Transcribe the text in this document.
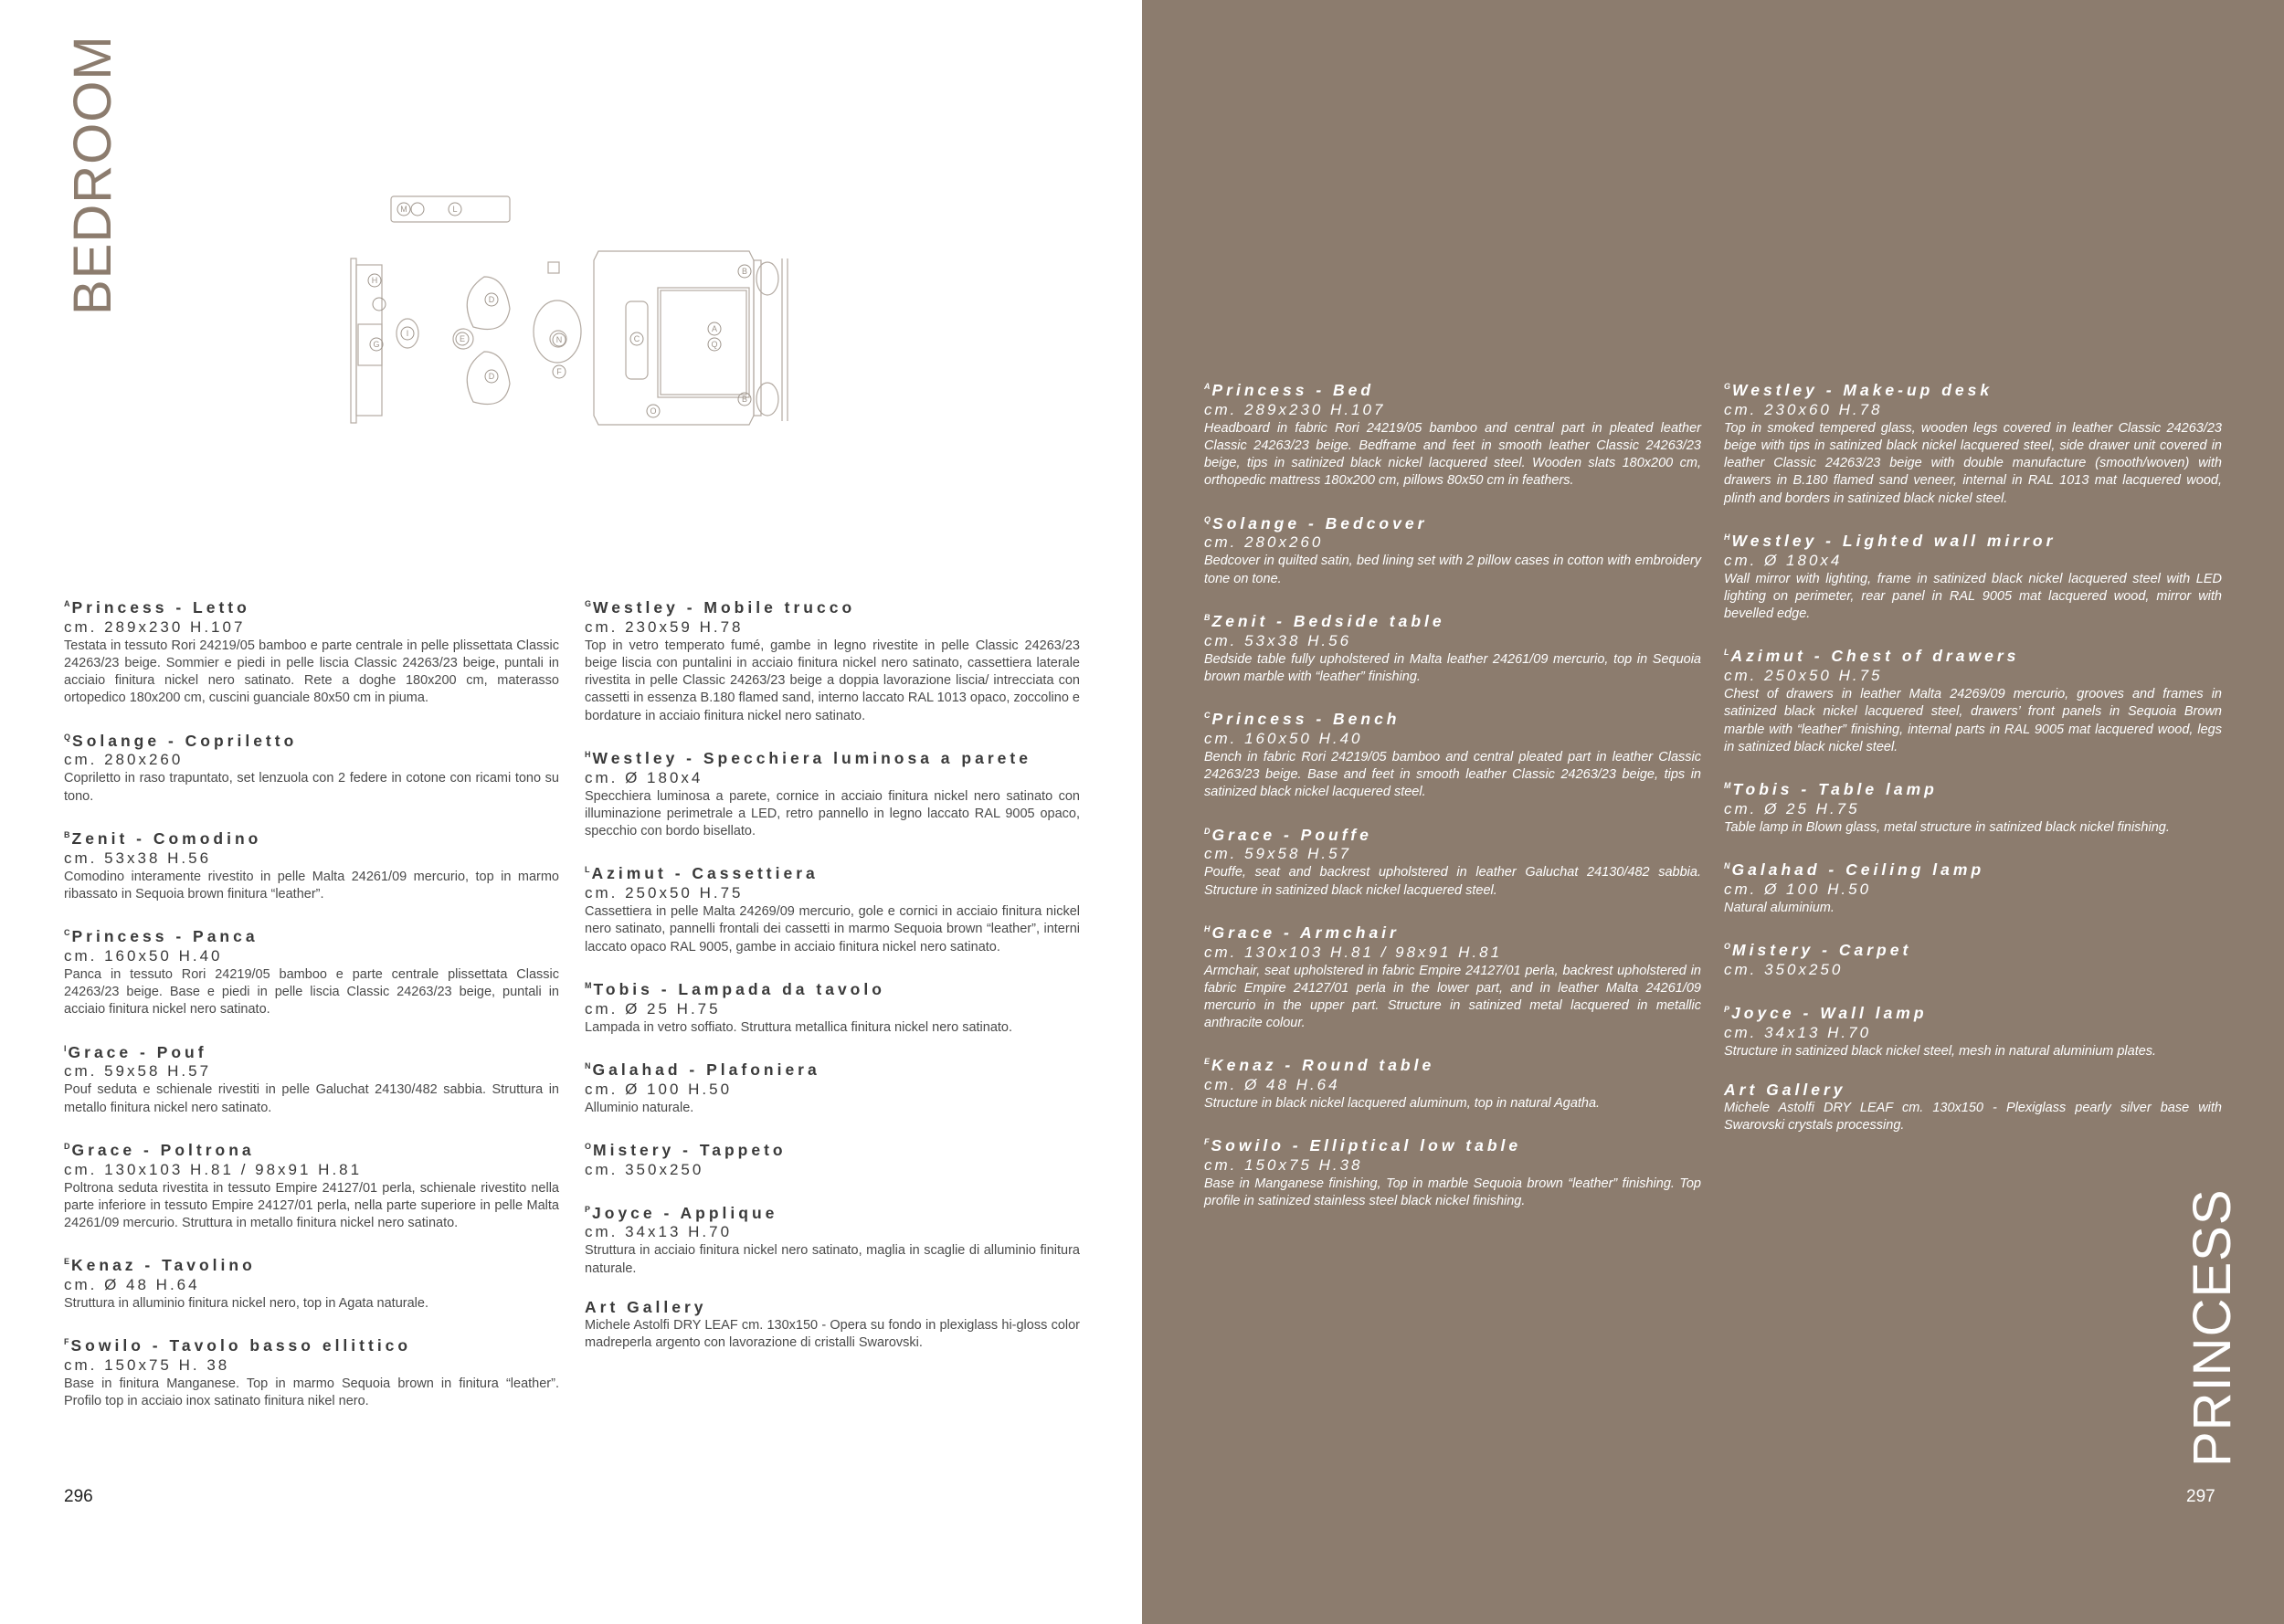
BEDROOM	M	L
H
I
G
E
D
D
N
F
C
A
Q
B
B
O

$^A$ Princess - Letto

cm. 289x230 H.107

Testata in tessuto Rori 24219/05 bamboo e parte centrale in pelle plissettata Classic 24263/23 beige. Sommier e piedi in pelle liscia Classic 24263/23 beige, puntali in acciaio finitura nickel nero satinato. Rete a doghe 180x200 cm, materasso ortopedico 180x200 cm, cuscini guanciale 80x50 cm in piuma.

$^Q$ Solange - Copriletto

cm. 280x260

Copriletto in raso trapuntato, set lenzuola con 2 federe in cotone con ricami tono su tono.

$^B$ Zenit - Comodino

cm. 53x38 H.56

Comodino interamente rivestito in pelle Malta 24261/09 mercurio, top in marmo ribassato in Sequoia brown finitura “leather”.

$^C$ Princess - Panca

cm. 160x50 H.40

Panca in tessuto Rori 24219/05 bamboo e parte centrale plissettata Classic 24263/23 beige. Base e piedi in pelle liscia Classic 24263/23 beige, puntali in acciaio finitura nickel nero satinato.

$^I$ Grace - Pouf

cm. 59x58 H.57

Pouf seduta e schienale rivestiti in pelle Galuchat 24130/482 sabbia. Struttura in metallo finitura nickel nero satinato.

$^D$ Grace - Poltrona

cm. 130x103 H.81 / 98x91 H.81

Poltrona seduta rivestita in tessuto Empire 24127/01 perla, schienale rivestito nella parte inferiore in tessuto Empire 24127/01 perla, nella parte superiore in pelle Malta 24261/09 mercurio. Struttura in metallo finitura nickel nero satinato.

$^E$ Kenaz - Tavolino

cm. Ø 48 H.64

Struttura in alluminio finitura nickel nero, top in Agata naturale.

$^F$ Sowilo - Tavolo basso ellittico

cm. 150x75 H. 38

Base in finitura Manganese. Top in marmo Sequoia brown in finitura “leather”. Profilo top in acciaio inox satinato finitura nikel nero.

$^G$ Westley - Mobile trucco

cm. 230x59 H.78

Top in vetro temperato fumé, gambe in legno rivestite in pelle Classic 24263/23 beige liscia con puntalini in acciaio finitura nickel nero satinato, cassettiera laterale rivestita in pelle Classic 24263/23 beige a doppia lavorazione liscia/ intrecciata con cassetti in essenza B.180 flamed sand, interno laccato RAL 1013 opaco, zoccolino e bordature in acciaio finitura nickel nero satinato.

$^H$ Westley - Specchiera luminosa a parete

cm. Ø 180x4

Specchiera luminosa a parete, cornice in acciaio finitura nickel nero satinato con illuminazione perimetrale a LED, retro pannello in legno laccato RAL 9005 opaco, specchio con bordo bisellato.

$^L$ Azimut - Cassettiera

cm. 250x50 H.75

Cassettiera in pelle Malta 24269/09 mercurio, gole e cornici in acciaio finitura nickel nero satinato, pannelli frontali dei cassetti in marmo Sequoia brown “leather”, interni laccato opaco RAL 9005, gambe in acciaio finitura nickel nero satinato.

$^M$ Tobis - Lampada da tavolo

cm. Ø 25 H.75

Lampada in vetro soffiato. Struttura metallica finitura nickel nero satinato.

$^N$ Galahad - Plafoniera

cm. Ø 100 H.50

Alluminio naturale.

$^O$ Mistery - Tappeto

cm. 350x250

$^P$ Joyce - Applique

cm. 34x13 H.70

Struttura in acciaio finitura nickel nero satinato, maglia in scaglie di alluminio finitura naturale.

Art Gallery

Michele Astolfi DRY LEAF cm. 130x150 - Opera su fondo in plexiglass hi-gloss color madreperla argento con lavorazione di cristalli Swarovski.

296

PRINCESS

$^A$ Princess - Bed

cm. 289x230 H.107

Headboard in fabric Rori 24219/05 bamboo and central part in pleated leather Classic 24263/23 beige. Bedframe and feet in smooth leather Classic 24263/23 beige, tips in satinized black nickel lacquered steel. Wooden slats 180x200 cm, orthopedic mattress 180x200 cm, pillows 80x50 cm in feathers.

$^Q$ Solange - Bedcover

cm. 280x260

Bedcover in quilted satin, bed lining set with 2 pillow cases in cotton with embroidery tone on tone.

$^B$ Zenit - Bedside table

cm. 53x38 H.56

Bedside table fully upholstered in Malta leather 24261/09 mercurio, top in Sequoia brown marble with “leather” finishing.

$^C$ Princess - Bench

cm. 160x50 H.40

Bench in fabric Rori 24219/05 bamboo and central pleated part in leather Classic 24263/23 beige. Base and feet in smooth leather Classic 24263/23 beige, tips in satinized black nickel lacquered steel.

$^D$ Grace - Pouffe

cm. 59x58 H.57

Pouffe, seat and backrest upholstered in leather Galuchat 24130/482 sabbia. Structure in satinized black nickel lacquered steel.

$^H$ Grace - Armchair

cm. 130x103 H.81 / 98x91 H.81

Armchair, seat upholstered in fabric Empire 24127/01 perla, backrest upholstered in fabric Empire 24127/01 perla in the lower part, and in leather Malta 24261/09 mercurio in the upper part. Structure in satinized metal lacquered in metallic anthracite colour.

$^E$ Kenaz - Round table

cm. Ø 48 H.64

Structure in black nickel lacquered aluminum, top in natural Agatha.

$^F$ Sowilo - Elliptical low table

cm. 150x75 H.38

Base in Manganese finishing, Top in marble Sequoia brown “leather” finishing. Top profile in satinized stainless steel black nickel finishing.

$^G$ Westley - Make-up desk

cm. 230x60 H.78

Top in smoked tempered glass, wooden legs covered in leather Classic 24263/23 beige with tips in satinized black nickel lacquered steel, side drawer unit covered in leather Classic 24263/23 beige with double manufacture (smooth/woven) with drawers in B.180 flamed sand veneer, internal in RAL 1013 mat lacquered wood, plinth and borders in satinized black nickel steel.

$^H$ Westley - Lighted wall mirror

cm. Ø 180x4

Wall mirror with lighting, frame in satinized black nickel lacquered steel with LED lighting on perimeter, rear panel in RAL 9005 mat lacquered wood, mirror with bevelled edge.

$^L$ Azimut - Chest of drawers

cm. 250x50 H.75

Chest of drawers in leather Malta 24269/09 mercurio, grooves and frames in satinized black nickel lacquered steel, drawers’ front panels in Sequoia Brown marble with “leather” finishing, internal parts in RAL 9005 mat lacquered wood, legs in satinized black nickel steel.

$^M$ Tobis - Table lamp

cm. Ø 25 H.75

Table lamp in Blown glass, metal structure in satinized black nickel finishing.

$^N$ Galahad - Ceiling lamp

cm. Ø 100 H.50

Natural aluminium.

$^O$ Mistery - Carpet

cm. 350x250

$^P$ Joyce - Wall lamp

cm. 34x13 H.70

Structure in satinized black nickel steel, mesh in natural aluminium plates.

Art Gallery

Michele Astolfi DRY LEAF cm. 130x150 - Plexiglass pearly silver base with Swarovski crystals processing.

297
